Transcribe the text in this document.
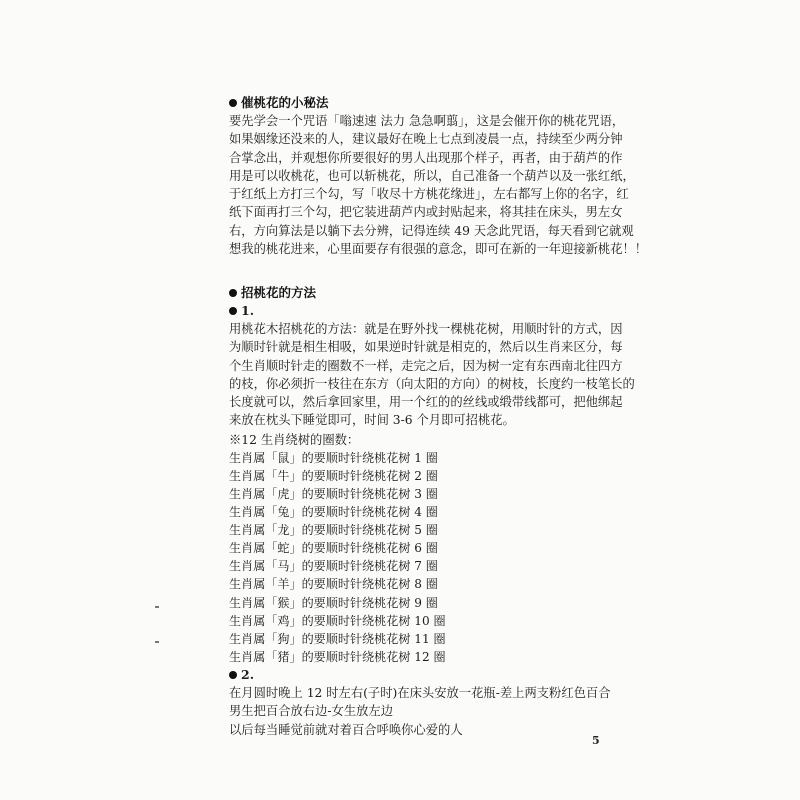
催桃花的小秘法
要先学会一个咒语「嗡速速 法力 急急啊翦」，这是会催开你的桃花咒语，
如果姻缘还没来的人，建议最好在晚上七点到凌晨一点，持续至少两分钟
合掌念出，并观想你所要很好的男人出现那个样子，再者，由于葫芦的作
用是可以收桃花，也可以斩桃花，所以，自己准备一个葫芦以及一张红纸，
于红纸上方打三个勾，写「收尽十方桃花缘进」，左右都写上你的名字，红
纸下面再打三个勾，把它装进葫芦内或封贴起来，将其挂在床头，男左女
右，方向算法是以躺下去分辨，记得连续 49 天念此咒语，每天看到它就观
想我的桃花进来，心里面要存有很强的意念，即可在新的一年迎接新桃花！！
招桃花的方法
1.
用桃花木招桃花的方法：就是在野外找一棵桃花树，用顺时针的方式，因
为顺时针就是相生相吸，如果逆时针就是相克的，然后以生肖来区分，每
个生肖顺时针走的圈数不一样，走完之后，因为树一定有东西南北往四方
的枝，你必须折一枝往在东方（向太阳的方向）的树枝，长度约一枝笔长的
长度就可以，然后拿回家里，用一个红的的丝线或缎带线都可，把他绑起
来放在枕头下睡觉即可，时间 3-6 个月即可招桃花。
※12 生肖绕树的圈数：
生肖属「鼠」的要顺时针绕桃花树 1 圈
生肖属「牛」的要顺时针绕桃花树 2 圈
生肖属「虎」的要顺时针绕桃花树 3 圈
生肖属「兔」的要顺时针绕桃花树 4 圈
生肖属「龙」的要顺时针绕桃花树 5 圈
生肖属「蛇」的要顺时针绕桃花树 6 圈
生肖属「马」的要顺时针绕桃花树 7 圈
生肖属「羊」的要顺时针绕桃花树 8 圈
生肖属「猴」的要顺时针绕桃花树 9 圈
生肖属「鸡」的要顺时针绕桃花树 10 圈
生肖属「狗」的要顺时针绕桃花树 11 圈
生肖属「猪」的要顺时针绕桃花树 12 圈
2.
在月圆时晚上 12 时左右(子时)在床头安放一花瓶-差上两支粉红色百合
男生把百合放右边-女生放左边
以后每当睡觉前就对着百合呼唤你心爱的人
5
